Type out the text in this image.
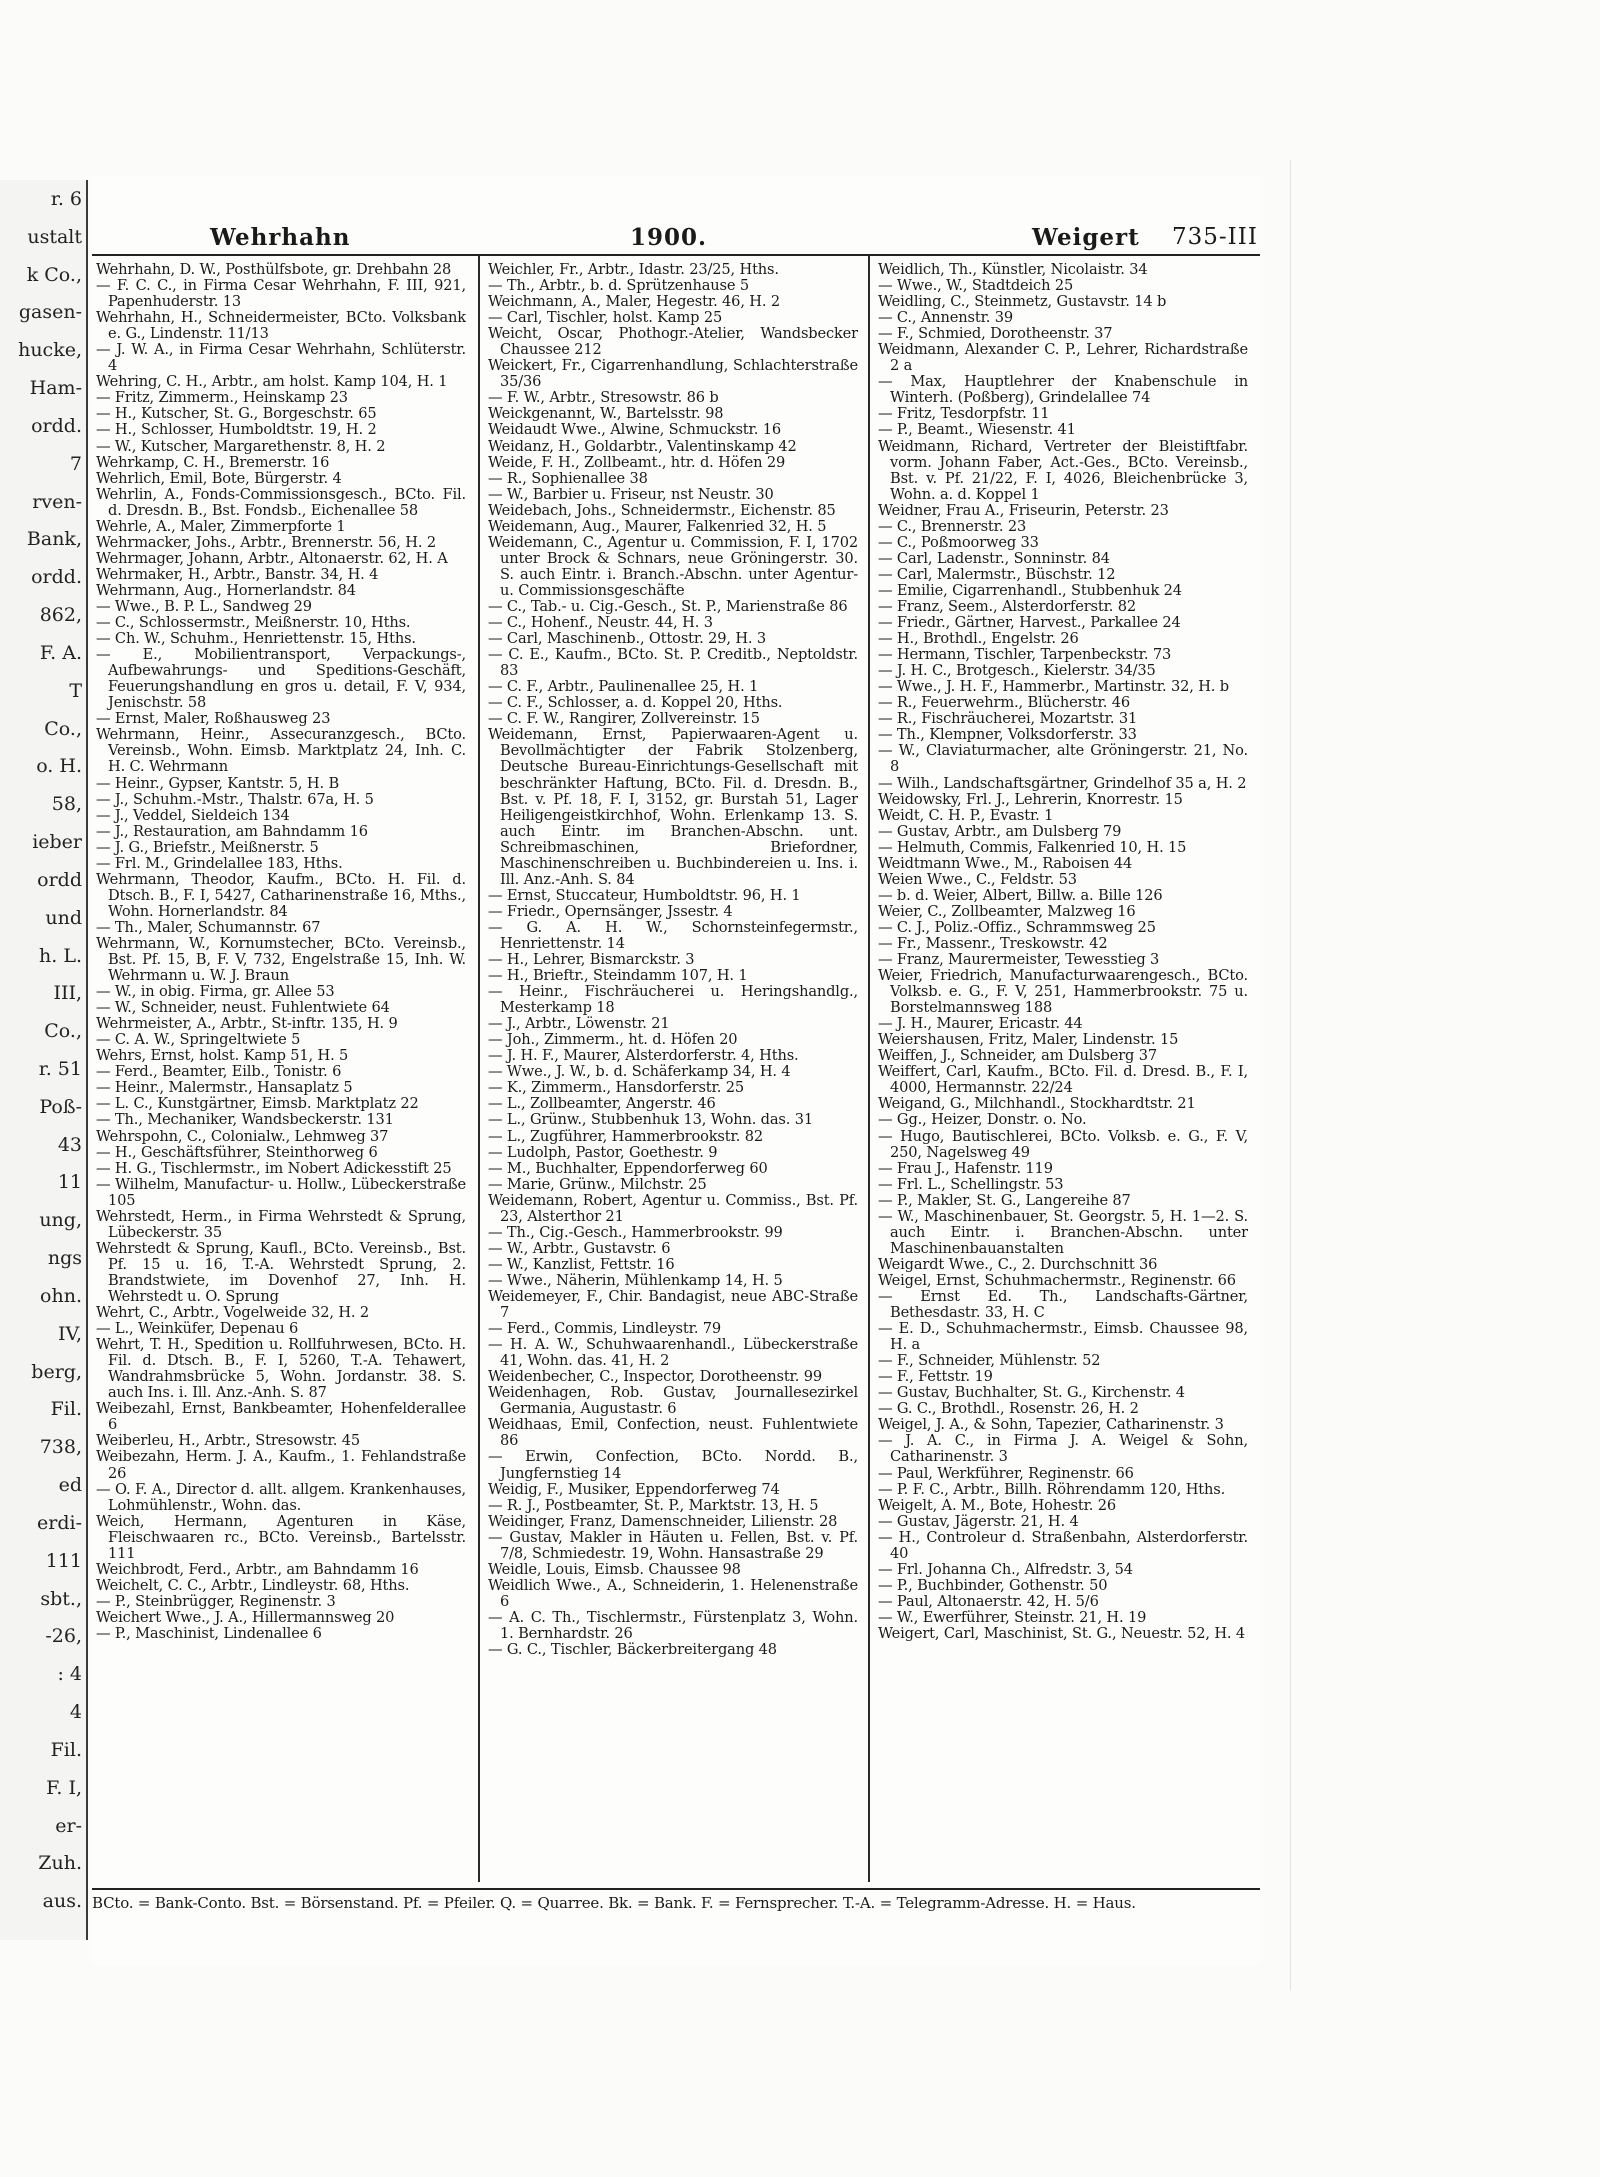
r. 6
ustalt
k Co.,
gasen-
hucke,
Ham-
ordd.
7
rven-
Bank,
ordd.
862,
F. A.
T
Co.,
o. H.
58,
ieber
ordd
und
h. L.
III,
Co.,
r. 51
Poß-
43
11
ung,
ngs
ohn.
IV,
berg,
Fil.
738,
ed
erdi-
111
sbt.,
-26,
: 4
4
Fil.
F. I,
er-
Zuh.
aus.
Wehrhahn	1900.	Weigert 735-III

Wehrhahn, D. W., Posthülfsbote, gr. Drehbahn 28

— F. C. C., in Firma Cesar Wehrhahn, F. III, 921, Papenhuderstr. 13

Wehrhahn, H., Schneidermeister, BCto. Volksbank e. G., Lindenstr. 11/13

— J. W. A., in Firma Cesar Wehrhahn, Schlüterstr. 4

Wehring, C. H., Arbtr., am holst. Kamp 104, H. 1

— Fritz, Zimmerm., Heinskamp 23

— H., Kutscher, St. G., Borgeschstr. 65

— H., Schlosser, Humboldtstr. 19, H. 2

— W., Kutscher, Margarethenstr. 8, H. 2

Wehrkamp, C. H., Bremerstr. 16

Wehrlich, Emil, Bote, Bürgerstr. 4

Wehrlin, A., Fonds-Commissionsgesch., BCto. Fil. d. Dresdn. B., Bst. Fondsb., Eichenallee 58

Wehrle, A., Maler, Zimmerpforte 1

Wehrmacker, Johs., Arbtr., Brennerstr. 56, H. 2

Wehrmager, Johann, Arbtr., Altonaerstr. 62, H. A

Wehrmaker, H., Arbtr., Banstr. 34, H. 4

Wehrmann, Aug., Hornerlandstr. 84

— Wwe., B. P. L., Sandweg 29

— C., Schlossermstr., Meißnerstr. 10, Hths.

— Ch. W., Schuhm., Henriettenstr. 15, Hths.

— E., Mobilientransport, Verpackungs-, Aufbewahrungs- und Speditions-Geschäft, Feuerungshandlung en gros u. detail, F. V, 934, Jenischstr. 58

— Ernst, Maler, Roßhausweg 23

Wehrmann, Heinr., Assecuranzgesch., BCto. Vereinsb., Wohn. Eimsb. Marktplatz 24, Inh. C. H. C. Wehrmann

— Heinr., Gypser, Kantstr. 5, H. B

— J., Schuhm.-Mstr., Thalstr. 67a, H. 5

— J., Veddel, Sieldeich 134

— J., Restauration, am Bahndamm 16

— J. G., Briefstr., Meißnerstr. 5

— Frl. M., Grindelallee 183, Hths.

Wehrmann, Theodor, Kaufm., BCto. H. Fil. d. Dtsch. B., F. I, 5427, Catharinenstraße 16, Mths., Wohn. Hornerlandstr. 84

— Th., Maler, Schumannstr. 67

Wehrmann, W., Kornumstecher, BCto. Vereinsb., Bst. Pf. 15, B, F. V, 732, Engelstraße 15, Inh. W. Wehrmann u. W. J. Braun

— W., in obig. Firma, gr. Allee 53

— W., Schneider, neust. Fuhlentwiete 64

Wehrmeister, A., Arbtr., St-inftr. 135, H. 9

— C. A. W., Springeltwiete 5

Wehrs, Ernst, holst. Kamp 51, H. 5

— Ferd., Beamter, Eilb., Tonistr. 6

— Heinr., Malermstr., Hansaplatz 5

— L. C., Kunstgärtner, Eimsb. Marktplatz 22

— Th., Mechaniker, Wandsbeckerstr. 131

Wehrspohn, C., Colonialw., Lehmweg 37

— H., Geschäftsführer, Steinthorweg 6

— H. G., Tischlermstr., im Nobert Adickesstift 25

— Wilhelm, Manufactur- u. Hollw., Lübeckerstraße 105

Wehrstedt, Herm., in Firma Wehrstedt & Sprung, Lübeckerstr. 35

Wehrstedt & Sprung, Kaufl., BCto. Vereinsb., Bst. Pf. 15 u. 16, T.-A. Wehrstedt Sprung, 2. Brandstwiete, im Dovenhof 27, Inh. H. Wehrstedt u. O. Sprung

Wehrt, C., Arbtr., Vogelweide 32, H. 2

— L., Weinküfer, Depenau 6

Wehrt, T. H., Spedition u. Rollfuhrwesen, BCto. H. Fil. d. Dtsch. B., F. I, 5260, T.-A. Tehawert, Wandrahmsbrücke 5, Wohn. Jordanstr. 38. S. auch Ins. i. Ill. Anz.-Anh. S. 87

Weibezahl, Ernst, Bankbeamter, Hohenfelderallee 6

Weiberleu, H., Arbtr., Stresowstr. 45

Weibezahn, Herm. J. A., Kaufm., 1. Fehlandstraße 26

— O. F. A., Director d. allt. allgem. Krankenhauses, Lohmühlenstr., Wohn. das.

Weich, Hermann, Agenturen in Käse, Fleischwaaren rc., BCto. Vereinsb., Bartelsstr. 111

Weichbrodt, Ferd., Arbtr., am Bahndamm 16

Weichelt, C. C., Arbtr., Lindleystr. 68, Hths.

— P., Steinbrügger, Reginenstr. 3

Weichert Wwe., J. A., Hillermannsweg 20

— P., Maschinist, Lindenallee 6

Weichler, Fr., Arbtr., Idastr. 23/25, Hths.

— Th., Arbtr., b. d. Sprützenhause 5

Weichmann, A., Maler, Hegestr. 46, H. 2

— Carl, Tischler, holst. Kamp 25

Weicht, Oscar, Phothogr.-Atelier, Wandsbecker Chaussee 212

Weickert, Fr., Cigarrenhandlung, Schlachterstraße 35/36

— F. W., Arbtr., Stresowstr. 86 b

Weickgenannt, W., Bartelsstr. 98

Weidaudt Wwe., Alwine, Schmuckstr. 16

Weidanz, H., Goldarbtr., Valentinskamp 42

Weide, F. H., Zollbeamt., htr. d. Höfen 29

— R., Sophienallee 38

— W., Barbier u. Friseur, nst Neustr. 30

Weidebach, Johs., Schneidermstr., Eichenstr. 85

Weidemann, Aug., Maurer, Falkenried 32, H. 5

Weidemann, C., Agentur u. Commission, F. I, 1702 unter Brock & Schnars, neue Gröningerstr. 30. S. auch Eintr. i. Branch.-Abschn. unter Agentur- u. Commissionsgeschäfte

— C., Tab.- u. Cig.-Gesch., St. P., Marienstraße 86

— C., Hohenf., Neustr. 44, H. 3

— Carl, Maschinenb., Ottostr. 29, H. 3

— C. E., Kaufm., BCto. St. P. Creditb., Neptoldstr. 83

— C. F., Arbtr., Paulinenallee 25, H. 1

— C. F., Schlosser, a. d. Koppel 20, Hths.

— C. F. W., Rangirer, Zollvereinstr. 15

Weidemann, Ernst, Papierwaaren-Agent u. Bevollmächtigter der Fabrik Stolzenberg, Deutsche Bureau-Einrichtungs-Gesellschaft mit beschränkter Haftung, BCto. Fil. d. Dresdn. B., Bst. v. Pf. 18, F. I, 3152, gr. Burstah 51, Lager Heiligengeistkirchhof, Wohn. Erlenkamp 13. S. auch Eintr. im Branchen-Abschn. unt. Schreibmaschinen, Briefordner, Maschinenschreiben u. Buchbindereien u. Ins. i. Ill. Anz.-Anh. S. 84

— Ernst, Stuccateur, Humboldtstr. 96, H. 1

— Friedr., Opernsänger, Jssestr. 4

— G. A. H. W., Schornsteinfegermstr., Henriettenstr. 14

— H., Lehrer, Bismarckstr. 3

— H., Brieftr., Steindamm 107, H. 1

— Heinr., Fischräucherei u. Heringshandlg., Mesterkamp 18

— J., Arbtr., Löwenstr. 21

— Joh., Zimmerm., ht. d. Höfen 20

— J. H. F., Maurer, Alsterdorferstr. 4, Hths.

— Wwe., J. W., b. d. Schäferkamp 34, H. 4

— K., Zimmerm., Hansdorferstr. 25

— L., Zollbeamter, Angerstr. 46

— L., Grünw., Stubbenhuk 13, Wohn. das. 31

— L., Zugführer, Hammerbrookstr. 82

— Ludolph, Pastor, Goethestr. 9

— M., Buchhalter, Eppendorferweg 60

— Marie, Grünw., Milchstr. 25

Weidemann, Robert, Agentur u. Commiss., Bst. Pf. 23, Alsterthor 21

— Th., Cig.-Gesch., Hammerbrookstr. 99

— W., Arbtr., Gustavstr. 6

— W., Kanzlist, Fettstr. 16

— Wwe., Näherin, Mühlenkamp 14, H. 5

Weidemeyer, F., Chir. Bandagist, neue ABC-Straße 7

— Ferd., Commis, Lindleystr. 79

— H. A. W., Schuhwaarenhandl., Lübeckerstraße 41, Wohn. das. 41, H. 2

Weidenbecher, C., Inspector, Dorotheenstr. 99

Weidenhagen, Rob. Gustav, Journallesezirkel Germania, Augustastr. 6

Weidhaas, Emil, Confection, neust. Fuhlentwiete 86

— Erwin, Confection, BCto. Nordd. B., Jungfernstieg 14

Weidig, F., Musiker, Eppendorferweg 74

— R. J., Postbeamter, St. P., Marktstr. 13, H. 5

Weidinger, Franz, Damenschneider, Lilienstr. 28

— Gustav, Makler in Häuten u. Fellen, Bst. v. Pf. 7/8, Schmiedestr. 19, Wohn. Hansastraße 29

Weidle, Louis, Eimsb. Chaussee 98

Weidlich Wwe., A., Schneiderin, 1. Helenenstraße 6

— A. C. Th., Tischlermstr., Fürstenplatz 3, Wohn. 1. Bernhardstr. 26

— G. C., Tischler, Bäckerbreitergang 48

Weidlich, Th., Künstler, Nicolaistr. 34

— Wwe., W., Stadtdeich 25

Weidling, C., Steinmetz, Gustavstr. 14 b

— C., Annenstr. 39

— F., Schmied, Dorotheenstr. 37

Weidmann, Alexander C. P., Lehrer, Richardstraße 2 a

— Max, Hauptlehrer der Knabenschule in Winterh. (Poßberg), Grindelallee 74

— Fritz, Tesdorpfstr. 11

— P., Beamt., Wiesenstr. 41

Weidmann, Richard, Vertreter der Bleistiftfabr. vorm. Johann Faber, Act.-Ges., BCto. Vereinsb., Bst. v. Pf. 21/22, F. I, 4026, Bleichenbrücke 3, Wohn. a. d. Koppel 1

Weidner, Frau A., Friseurin, Peterstr. 23

— C., Brennerstr. 23

— C., Poßmoorweg 33

— Carl, Ladenstr., Sonninstr. 84

— Carl, Malermstr., Büschstr. 12

— Emilie, Cigarrenhandl., Stubbenhuk 24

— Franz, Seem., Alsterdorferstr. 82

— Friedr., Gärtner, Harvest., Parkallee 24

— H., Brothdl., Engelstr. 26

— Hermann, Tischler, Tarpenbeckstr. 73

— J. H. C., Brotgesch., Kielerstr. 34/35

— Wwe., J. H. F., Hammerbr., Martinstr. 32, H. b

— R., Feuerwehrm., Blücherstr. 46

— R., Fischräucherei, Mozartstr. 31

— Th., Klempner, Volksdorferstr. 33

— W., Claviaturmacher, alte Gröningerstr. 21, No. 8

— Wilh., Landschaftsgärtner, Grindelhof 35 a, H. 2

Weidowsky, Frl. J., Lehrerin, Knorrestr. 15

Weidt, C. H. P., Evastr. 1

— Gustav, Arbtr., am Dulsberg 79

— Helmuth, Commis, Falkenried 10, H. 15

Weidtmann Wwe., M., Raboisen 44

Weien Wwe., C., Feldstr. 53

— b. d. Weier, Albert, Billw. a. Bille 126

Weier, C., Zollbeamter, Malzweg 16

— C. J., Poliz.-Offiz., Schrammsweg 25

— Fr., Massenr., Treskowstr. 42

— Franz, Maurermeister, Tewesstieg 3

Weier, Friedrich, Manufacturwaarengesch., BCto. Volksb. e. G., F. V, 251, Hammerbrookstr. 75 u. Borstelmannsweg 188

— J. H., Maurer, Ericastr. 44

Weiershausen, Fritz, Maler, Lindenstr. 15

Weiffen, J., Schneider, am Dulsberg 37

Weiffert, Carl, Kaufm., BCto. Fil. d. Dresd. B., F. I, 4000, Hermannstr. 22/24

Weigand, G., Milchhandl., Stockhardtstr. 21

— Gg., Heizer, Donstr. o. No.

— Hugo, Bautischlerei, BCto. Volksb. e. G., F. V, 250, Nagelsweg 49

— Frau J., Hafenstr. 119

— Frl. L., Schellingstr. 53

— P., Makler, St. G., Langereihe 87

— W., Maschinenbauer, St. Georgstr. 5, H. 1—2. S. auch Eintr. i. Branchen-Abschn. unter Maschinenbauanstalten

Weigardt Wwe., C., 2. Durchschnitt 36

Weigel, Ernst, Schuhmachermstr., Reginenstr. 66

— Ernst Ed. Th., Landschafts-Gärtner, Bethesdastr. 33, H. C

— E. D., Schuhmachermstr., Eimsb. Chaussee 98, H. a

— F., Schneider, Mühlenstr. 52

— F., Fettstr. 19

— Gustav, Buchhalter, St. G., Kirchenstr. 4

— G. C., Brothdl., Rosenstr. 26, H. 2

Weigel, J. A., & Sohn, Tapezier, Catharinenstr. 3

— J. A. C., in Firma J. A. Weigel & Sohn, Catharinenstr. 3

— Paul, Werkführer, Reginenstr. 66

— P. F. C., Arbtr., Billh. Röhrendamm 120, Hths.

Weigelt, A. M., Bote, Hohestr. 26

— Gustav, Jägerstr. 21, H. 4

— H., Controleur d. Straßenbahn, Alsterdorferstr. 40

— Frl. Johanna Ch., Alfredstr. 3, 54

— P., Buchbinder, Gothenstr. 50

— Paul, Altonaerstr. 42, H. 5/6

— W., Ewerführer, Steinstr. 21, H. 19

Weigert, Carl, Maschinist, St. G., Neuestr. 52, H. 4

BCto. = Bank-Conto. Bst. = Börsenstand. Pf. = Pfeiler. Q. = Quarree. Bk. = Bank. F. = Fernsprecher. T.-A. = Telegramm-Adresse. H. = Haus.
